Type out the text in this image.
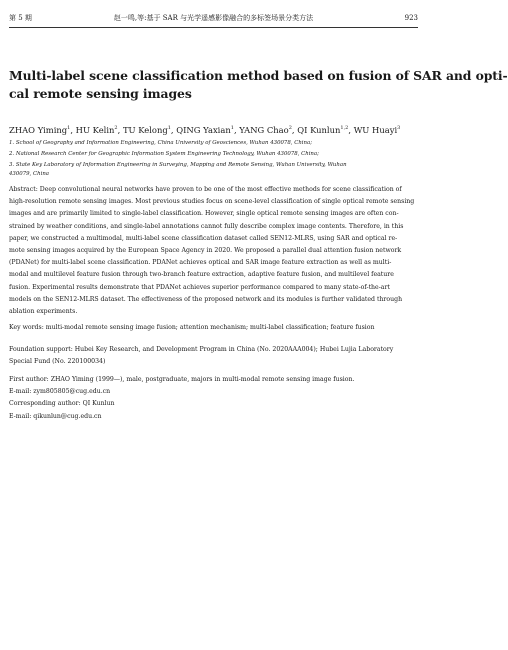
第 5 期	赵一鸣,等:基于 SAR 与光学遥感影像融合的多标签场景分类方法	923
Multi-label scene classification method based on fusion of SAR and opti-
cal remote sensing images
ZHAO Yiming$^1$, HU Kelin$^2$, TU Kelong$^1$, QING Yaxian$^1$, YANG Chao$^2$, QI Kunlun$^{1,2}$, WU Huayi$^3$
1. School of Geography and Information Engineering, China University of Geosciences, Wuhan 430078, China;
2. National Research Center for Geographic Information System Engineering Technology, Wuhan 430078, China;
3. State Key Laboratory of Information Engineering in Surveying, Mapping and Remote Sensing, Wuhan University, Wuhan
430079, China
Abstract: Deep convolutional neural networks have proven to be one of the most effective methods for scene classification of
high-resolution remote sensing images. Most previous studies focus on scene-level classification of single optical remote sensing
images and are primarily limited to single-label classification. However, single optical remote sensing images are often con-
strained by weather conditions, and single-label annotations cannot fully describe complex image contents. Therefore, in this
paper, we constructed a multimodal, multi-label scene classification dataset called SEN12-MLRS, using SAR and optical re-
mote sensing images acquired by the European Space Agency in 2020. We proposed a parallel dual attention fusion network
(PDANet) for multi-label scene classification. PDANet achieves optical and SAR image feature extraction as well as multi-
modal and multilevel feature fusion through two-branch feature extraction, adaptive feature fusion, and multilevel feature
fusion. Experimental results demonstrate that PDANet achieves superior performance compared to many state-of-the-art
models on the SEN12-MLRS dataset. The effectiveness of the proposed network and its modules is further validated through
ablation experiments.
Key words: multi-modal remote sensing image fusion; attention mechanism; multi-label classification; feature fusion
Foundation support: Hubei Key Research, and Development Program in China (No. 2020AAA004); Hubei Lujia Laboratory
Special Fund (No. 220100034)
First author: ZHAO Yiming (1999—), male, postgraduate, majors in multi-modal remote sensing image fusion.
E-mail: zym805805@cug.edu.cn
Corresponding author: QI Kunlun
E-mail: qikunlun@cug.edu.cn
